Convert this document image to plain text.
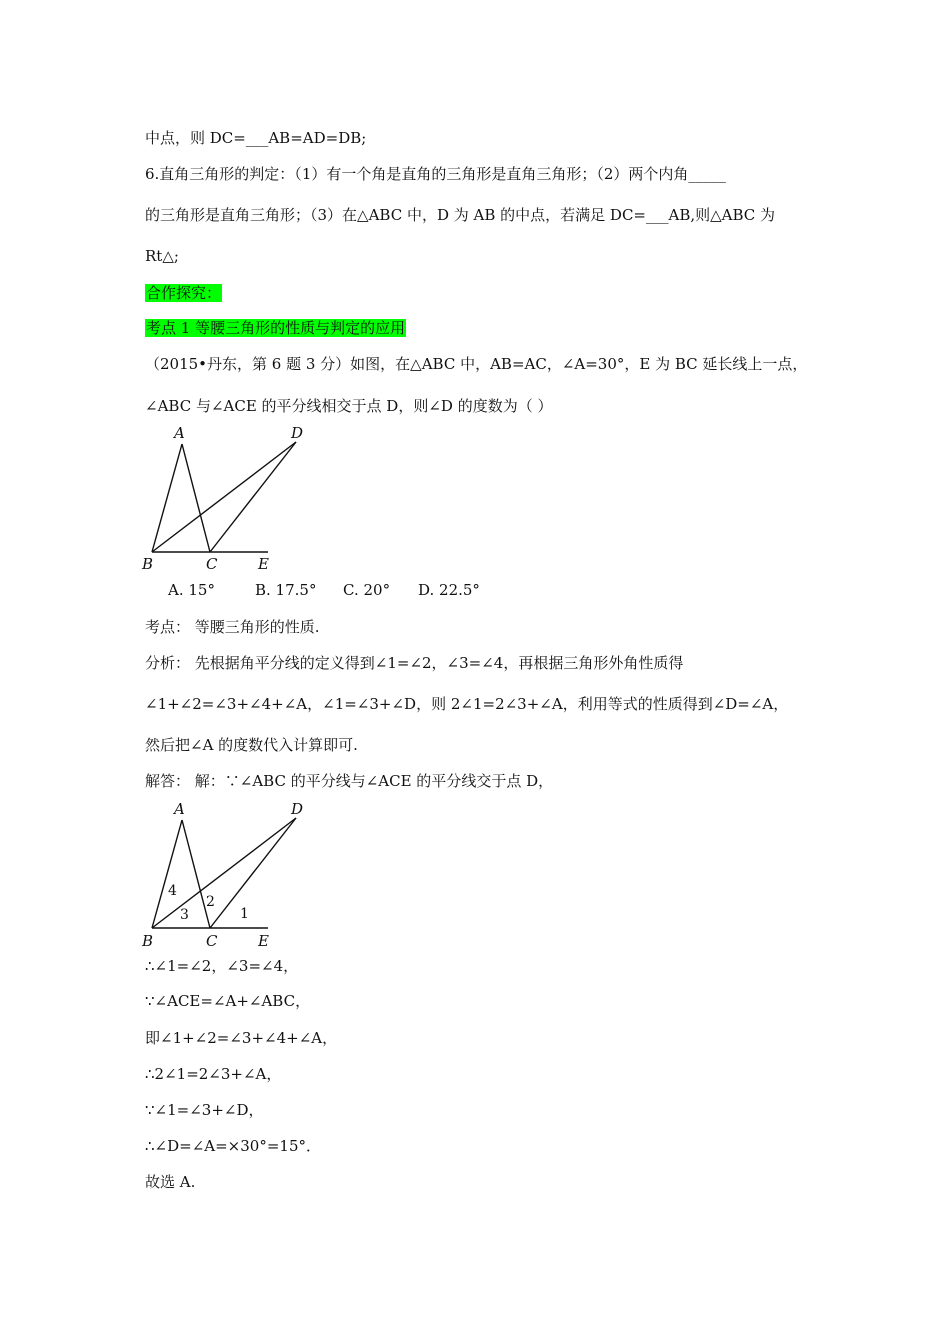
中点，则 DC=___AB=AD=DB;
6.直角三角形的判定：（1）有一个角是直角的三角形是直角三角形；（2）两个内角_____
的三角形是直角三角形；（3）在△ABC 中，D 为 AB 的中点，若满足 DC=___AB,则△ABC 为
Rt△;
合作探究：
考点 1 等腰三角形的性质与判定的应用
（2015•丹东，第 6 题 3 分）如图，在△ABC 中，AB=AC，∠A=30°，E 为 BC 延长线上一点，
∠ABC 与∠ACE 的平分线相交于点 D，则∠D 的度数为（ ）
A	D
B	C	E
A. 15°	B. 17.5° C. 20° D. 22.5°
考点： 等腰三角形的性质.
分析： 先根据角平分线的定义得到∠1=∠2，∠3=∠4，再根据三角形外角性质得
∠1+∠2=∠3+∠4+∠A，∠1=∠3+∠D，则 2∠1=2∠3+∠A，利用等式的性质得到∠D=∠A，
然后把∠A 的度数代入计算即可.
解答： 解：∵∠ABC 的平分线与∠ACE 的平分线交于点 D，
A	D
B	C	E
1
2
3
4
∴∠1=∠2，∠3=∠4，
∵∠ACE=∠A+∠ABC，
即∠1+∠2=∠3+∠4+∠A，
∴2∠1=2∠3+∠A，
∵∠1=∠3+∠D，
∴∠D=∠A=×30°=15°．
故选 A.
